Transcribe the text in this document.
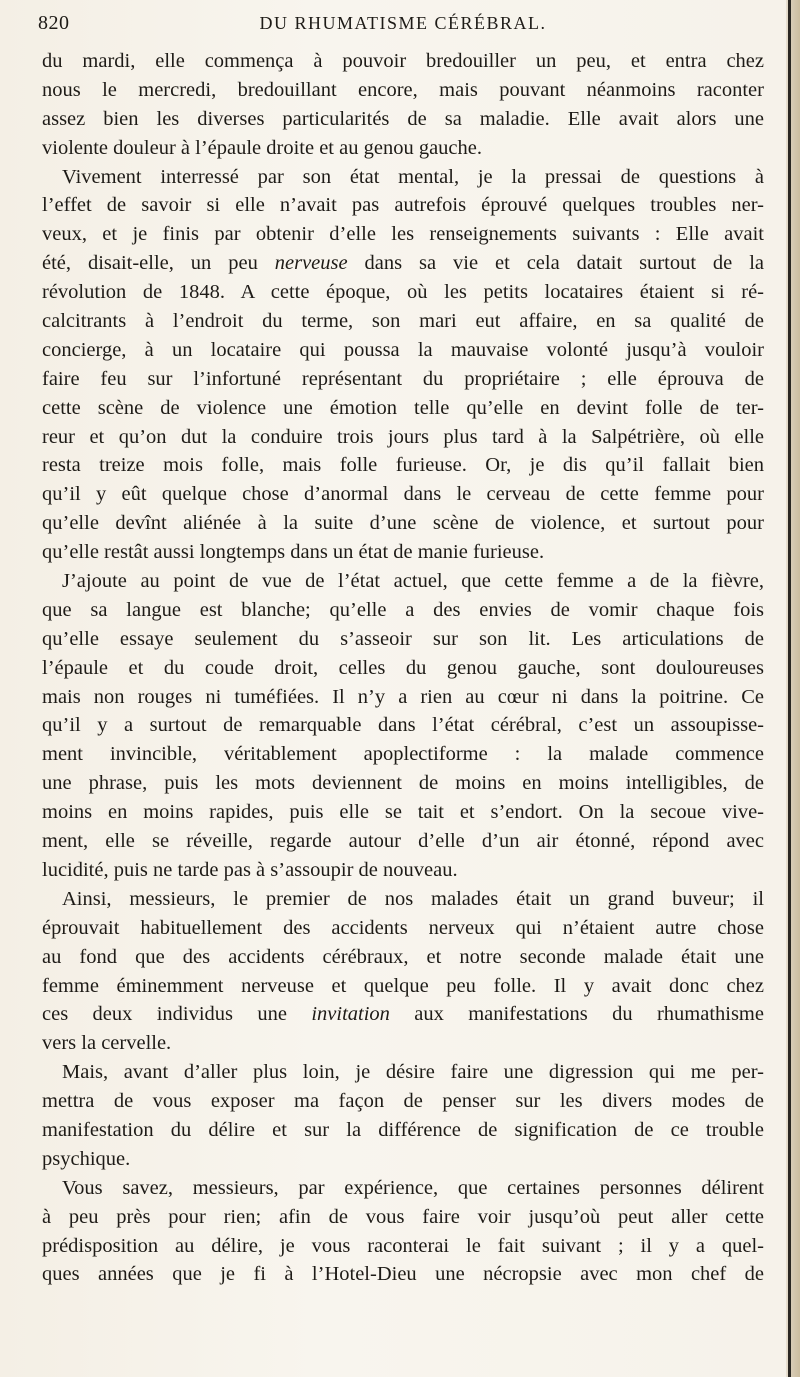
820	DU RHUMATISME CÉRÉBRAL.
du mardi, elle commença à pouvoir bredouiller un peu, et entra chez
nous le mercredi, bredouillant encore, mais pouvant néanmoins raconter
assez bien les diverses particularités de sa maladie. Elle avait alors une
violente douleur à l’épaule droite et au genou gauche.
Vivement interressé par son état mental, je la pressai de questions à
l’effet de savoir si elle n’avait pas autrefois éprouvé quelques troubles ner-
veux, et je finis par obtenir d’elle les renseignements suivants : Elle avait
été, disait-elle, un peu nerveuse dans sa vie et cela datait surtout de la
révolution de 1848. A cette époque, où les petits locataires étaient si ré-
calcitrants à l’endroit du terme, son mari eut affaire, en sa qualité de
concierge, à un locataire qui poussa la mauvaise volonté jusqu’à vouloir
faire feu sur l’infortuné représentant du propriétaire ; elle éprouva de
cette scène de violence une émotion telle qu’elle en devint folle de ter-
reur et qu’on dut la conduire trois jours plus tard à la Salpétrière, où elle
resta treize mois folle, mais folle furieuse. Or, je dis qu’il fallait bien
qu’il y eût quelque chose d’anormal dans le cerveau de cette femme pour
qu’elle devînt aliénée à la suite d’une scène de violence, et surtout pour
qu’elle restât aussi longtemps dans un état de manie furieuse.
J’ajoute au point de vue de l’état actuel, que cette femme a de la fièvre,
que sa langue est blanche; qu’elle a des envies de vomir chaque fois
qu’elle essaye seulement du s’asseoir sur son lit. Les articulations de
l’épaule et du coude droit, celles du genou gauche, sont douloureuses
mais non rouges ni tuméfiées. Il n’y a rien au cœur ni dans la poitrine. Ce
qu’il y a surtout de remarquable dans l’état cérébral, c’est un assoupisse-
ment invincible, véritablement apoplectiforme : la malade commence
une phrase, puis les mots deviennent de moins en moins intelligibles, de
moins en moins rapides, puis elle se tait et s’endort. On la secoue vive-
ment, elle se réveille, regarde autour d’elle d’un air étonné, répond avec
lucidité, puis ne tarde pas à s’assoupir de nouveau.
Ainsi, messieurs, le premier de nos malades était un grand buveur; il
éprouvait habituellement des accidents nerveux qui n’étaient autre chose
au fond que des accidents cérébraux, et notre seconde malade était une
femme éminemment nerveuse et quelque peu folle. Il y avait donc chez
ces deux individus une invitation aux manifestations du rhumathisme
vers la cervelle.
Mais, avant d’aller plus loin, je désire faire une digression qui me per-
mettra de vous exposer ma façon de penser sur les divers modes de
manifestation du délire et sur la différence de signification de ce trouble
psychique.
Vous savez, messieurs, par expérience, que certaines personnes délirent
à peu près pour rien; afin de vous faire voir jusqu’où peut aller cette
prédisposition au délire, je vous raconterai le fait suivant ; il y a quel-
ques années que je fi à l’Hotel-Dieu une nécropsie avec mon chef de
